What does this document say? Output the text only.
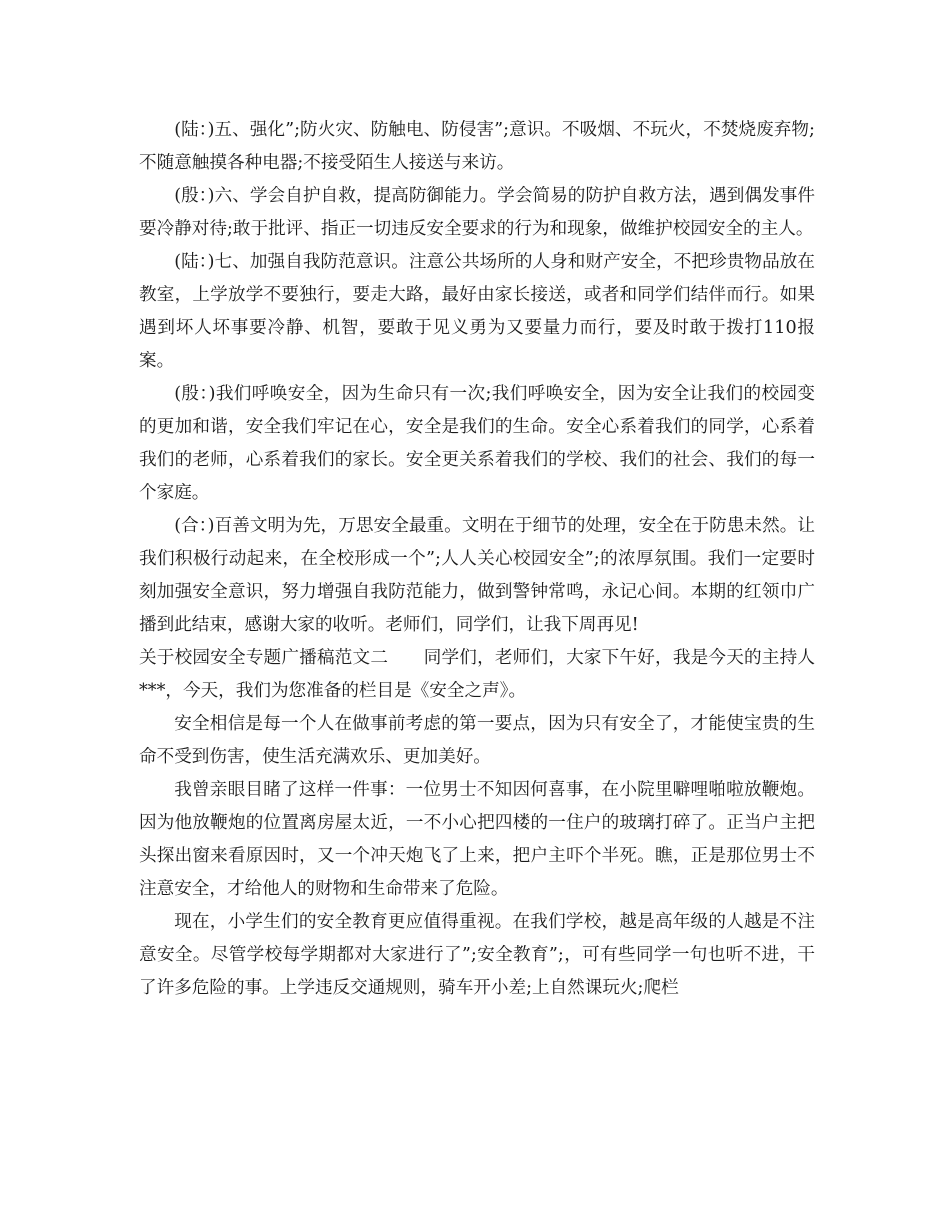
(陆：)五、强化”;防火灾、防触电、防侵害”;意识。不吸烟、不玩火，不焚烧废弃物;不随意触摸各种电器;不接受陌生人接送与来访。

(殷：)六、学会自护自救，提高防御能力。学会简易的防护自救方法，遇到偶发事件要冷静对待;敢于批评、指正一切违反安全要求的行为和现象，做维护校园安全的主人。

(陆：)七、加强自我防范意识。注意公共场所的人身和财产安全，不把珍贵物品放在教室，上学放学不要独行，要走大路，最好由家长接送，或者和同学们结伴而行。如果遇到坏人坏事要冷静、机智，要敢于见义勇为又要量力而行，要及时敢于拨打110报案。

(殷：)我们呼唤安全，因为生命只有一次;我们呼唤安全，因为安全让我们的校园变的更加和谐，安全我们牢记在心，安全是我们的生命。安全心系着我们的同学，心系着我们的老师，心系着我们的家长。安全更关系着我们的学校、我们的社会、我们的每一个家庭。

(合：)百善文明为先，万思安全最重。文明在于细节的处理，安全在于防患未然。让我们积极行动起来，在全校形成一个”;人人关心校园安全”;的浓厚氛围。我们一定要时刻加强安全意识，努力增强自我防范能力，做到警钟常鸣，永记心间。本期的红领巾广播到此结束，感谢大家的收听。老师们，同学们，让我下周再见!

关于校园安全专题广播稿范文二　　同学们，老师们，大家下午好，我是今天的主持人***，今天，我们为您准备的栏目是《安全之声》。

安全相信是每一个人在做事前考虑的第一要点，因为只有安全了，才能使宝贵的生命不受到伤害，使生活充满欢乐、更加美好。

我曾亲眼目睹了这样一件事：一位男士不知因何喜事，在小院里噼哩啪啦放鞭炮。因为他放鞭炮的位置离房屋太近，一不小心把四楼的一住户的玻璃打碎了。正当户主把头探出窗来看原因时，又一个冲天炮飞了上来，把户主吓个半死。瞧，正是那位男士不注意安全，才给他人的财物和生命带来了危险。

现在，小学生们的安全教育更应值得重视。在我们学校，越是高年级的人越是不注意安全。尽管学校每学期都对大家进行了”;安全教育”;，可有些同学一句也听不进，干了许多危险的事。上学违反交通规则，骑车开小差;上自然课玩火;爬栏
